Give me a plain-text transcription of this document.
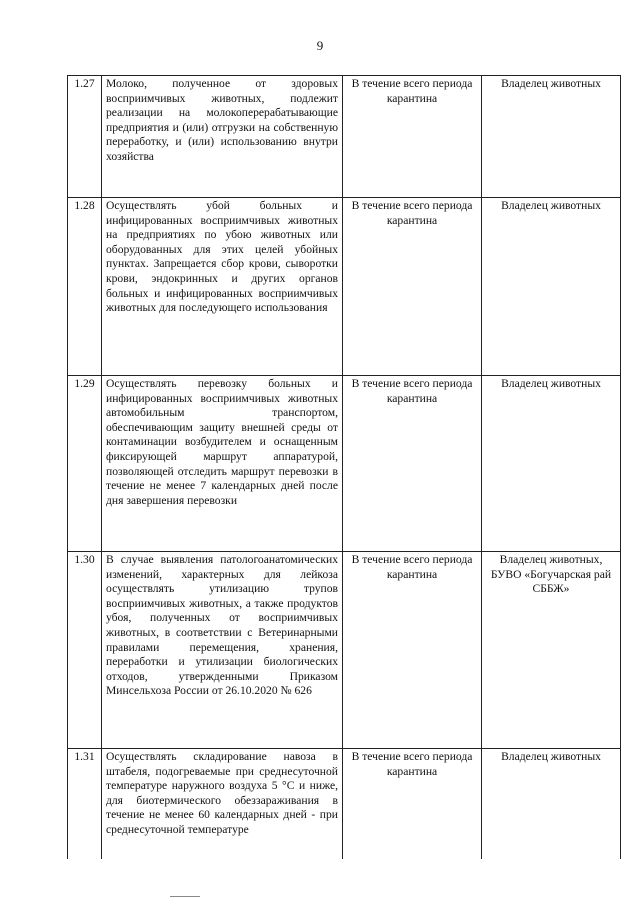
9
1.27	Молоко, полученное от здоровых восприимчивых животных, подлежит реализации на молокоперерабатывающие предприятия и (или) отгрузки на собственную переработку, и (или) использованию внутри хозяйства	В течение всего периода карантина	Владелец животных
1.28	Осуществлять убой больных и инфицированных восприимчивых животных на предприятиях по убою животных или оборудованных для этих целей убойных пунктах. Запрещается сбор крови, сыворотки крови, эндокринных и других органов больных и инфицированных восприимчивых животных для последующего использования	В течение всего периода карантина	Владелец животных
1.29	Осуществлять перевозку больных и инфицированных восприимчивых животных автомобильным транспортом, обеспечивающим защиту внешней среды от контаминации возбудителем и оснащенным фиксирующей маршрут аппаратурой, позволяющей отследить маршрут перевозки в течение не менее 7 календарных дней после дня завершения перевозки	В течение всего периода карантина	Владелец животных
1.30	В случае выявления патологоанатомических изменений, характерных для лейкоза осуществлять утилизацию трупов восприимчивых животных, а также продуктов убоя, полученных от восприимчивых животных, в соответствии с Ветеринарными правилами перемещения, хранения, переработки и утилизации биологических отходов, утвержденными Приказом Минсельхоза России от 26.10.2020 № 626	В течение всего периода карантина	Владелец животных, БУВО «Богучарская рай СББЖ»
1.31	Осуществлять складирование навоза в штабеля, подогреваемые при среднесуточной температуре наружного воздуха 5 °С и ниже, для биотермического обеззараживания в течение не менее 60 календарных дней - при среднесуточной температуре	В течение всего периода карантина	Владелец животных
